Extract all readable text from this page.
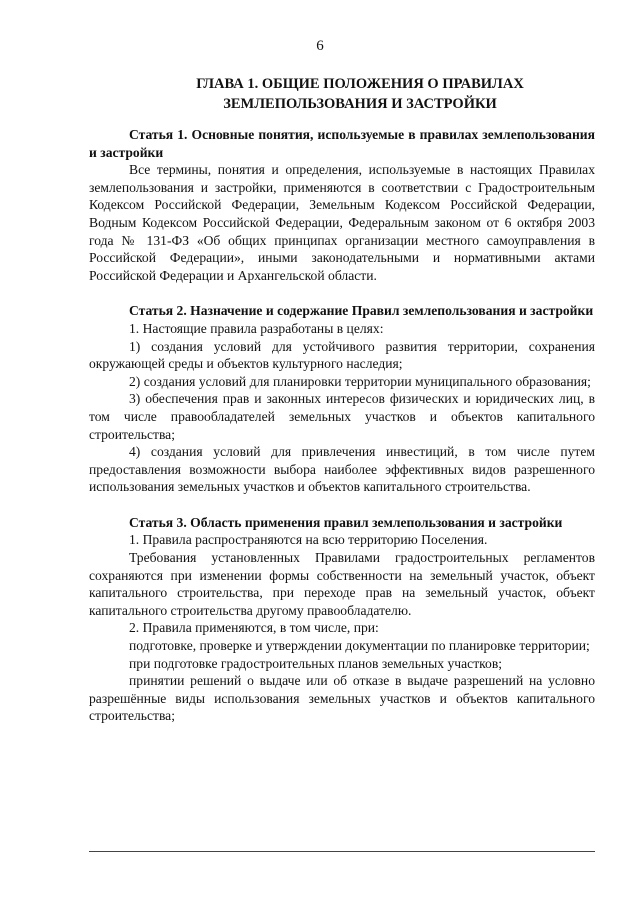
6
ГЛАВА 1. ОБЩИЕ ПОЛОЖЕНИЯ О ПРАВИЛАХ ЗЕМЛЕПОЛЬЗОВАНИЯ И ЗАСТРОЙКИ

Статья 1. Основные понятия, используемые в правилах землепользования и застройки

Все термины, понятия и определения, используемые в настоящих Правилах землепользования и застройки, применяются в соответствии с Градостроительным Кодексом Российской Федерации, Земельным Кодексом Российской Федерации, Водным Кодексом Российской Федерации, Федеральным законом от 6 октября 2003 года № 131-ФЗ «Об общих принципах организации местного самоуправления в Российской Федерации», иными законодательными и нормативными актами Российской Федерации и Архангельской области.

Статья 2. Назначение и содержание Правил землепользования и застройки

1. Настоящие правила разработаны в целях:

1) создания условий для устойчивого развития территории, сохранения окружающей среды и объектов культурного наследия;

2) создания условий для планировки территории муниципального образования;

3) обеспечения прав и законных интересов физических и юридических лиц, в том числе правообладателей земельных участков и объектов капитального строительства;

4) создания условий для привлечения инвестиций, в том числе путем предоставления возможности выбора наиболее эффективных видов разрешенного использования земельных участков и объектов капитального строительства.

Статья 3. Область применения правил землепользования и застройки

1. Правила распространяются на всю территорию Поселения.

Требования установленных Правилами градостроительных регламентов сохраняются при изменении формы собственности на земельный участок, объект капитального строительства, при переходе прав на земельный участок, объект капитального строительства другому правообладателю.

2. Правила применяются, в том числе, при:

подготовке, проверке и утверждении документации по планировке территории;

при подготовке градостроительных планов земельных участков;

принятии решений о выдаче или об отказе в выдаче разрешений на условно разрешённые виды использования земельных участков и объектов капитального строительства;
